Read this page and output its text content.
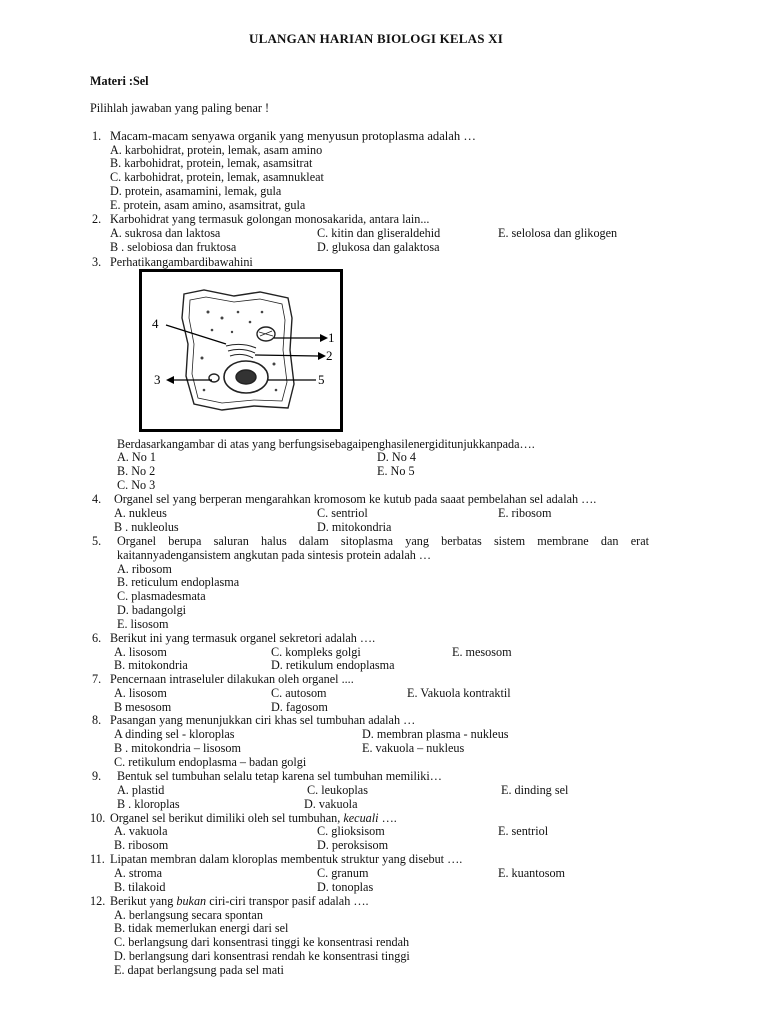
ULANGAN HARIAN BIOLOGI KELAS XI
Materi :Sel
Pilihlah jawaban yang paling benar !
1. Macam-macam senyawa organik yang menyusun protoplasma adalah …
A. karbohidrat, protein, lemak, asam amino
B. karbohidrat, protein, lemak, asamsitrat
C. karbohidrat, protein, lemak, asamnukleat
D. protein, asamamini, lemak, gula
E. protein, asam amino, asamsitrat, gula
2. Karbohidrat yang termasuk golongan monosakarida, antara lain...
A. sukrosa dan laktosa	C. kitin dan gliseraldehid	E. selolosa dan glikogen
B . selobiosa dan fruktosa	D. glukosa dan galaktosa
3. Perhatikangambardibawahini
4
1
2
3	5
Berdasarkangambar di atas yang berfungsisebagaipenghasilenergiditunjukkanpada….
A. No 1	D. No 4
B. No 2	E. No 5
C. No 3
4. Organel sel yang berperan mengarahkan kromosom ke kutub pada saaat pembelahan sel adalah ….
A. nukleus	C. sentriol	E. ribosom
B . nukleolus	D. mitokondria
5. Organel berupa saluran halus dalam sitoplasma yang berbatas sistem membrane dan erat
kaitannyadengansistem angkutan pada sintesis protein adalah …
A. ribosom
B. reticulum endoplasma
C. plasmadesmata
D. badangolgi
E. lisosom
6. Berikut ini yang termasuk organel sekretori adalah ….
A. lisosom	C. kompleks golgi	E. mesosom
B. mitokondria	D. retikulum endoplasma
7. Pencernaan intraseluler dilakukan oleh organel ....
A. lisosom	C. autosom	E. Vakuola kontraktil
B mesosom	D. fagosom
8. Pasangan yang menunjukkan ciri khas sel tumbuhan adalah …
A dinding sel - kloroplas	D. membran plasma - nukleus
B . mitokondria – lisosom	E. vakuola – nukleus
C. retikulum endoplasma – badan golgi
9. Bentuk sel tumbuhan selalu tetap karena sel tumbuhan memiliki…
A. plastid	C. leukoplas	E. dinding sel
B . kloroplas	D. vakuola
10. Organel sel berikut dimiliki oleh sel tumbuhan, kecuali ….
A. vakuola	C. glioksisom	E. sentriol
B. ribosom	D. peroksisom
11. Lipatan membran dalam kloroplas membentuk struktur yang disebut ….
A. stroma	C. granum	E. kuantosom
B. tilakoid	D. tonoplas
12. Berikut yang bukan ciri-ciri transpor pasif adalah ….
A. berlangsung secara spontan
B. tidak memerlukan energi dari sel
C. berlangsung dari konsentrasi tinggi ke konsentrasi rendah
D. berlangsung dari konsentrasi rendah ke konsentrasi tinggi
E. dapat berlangsung pada sel mati
